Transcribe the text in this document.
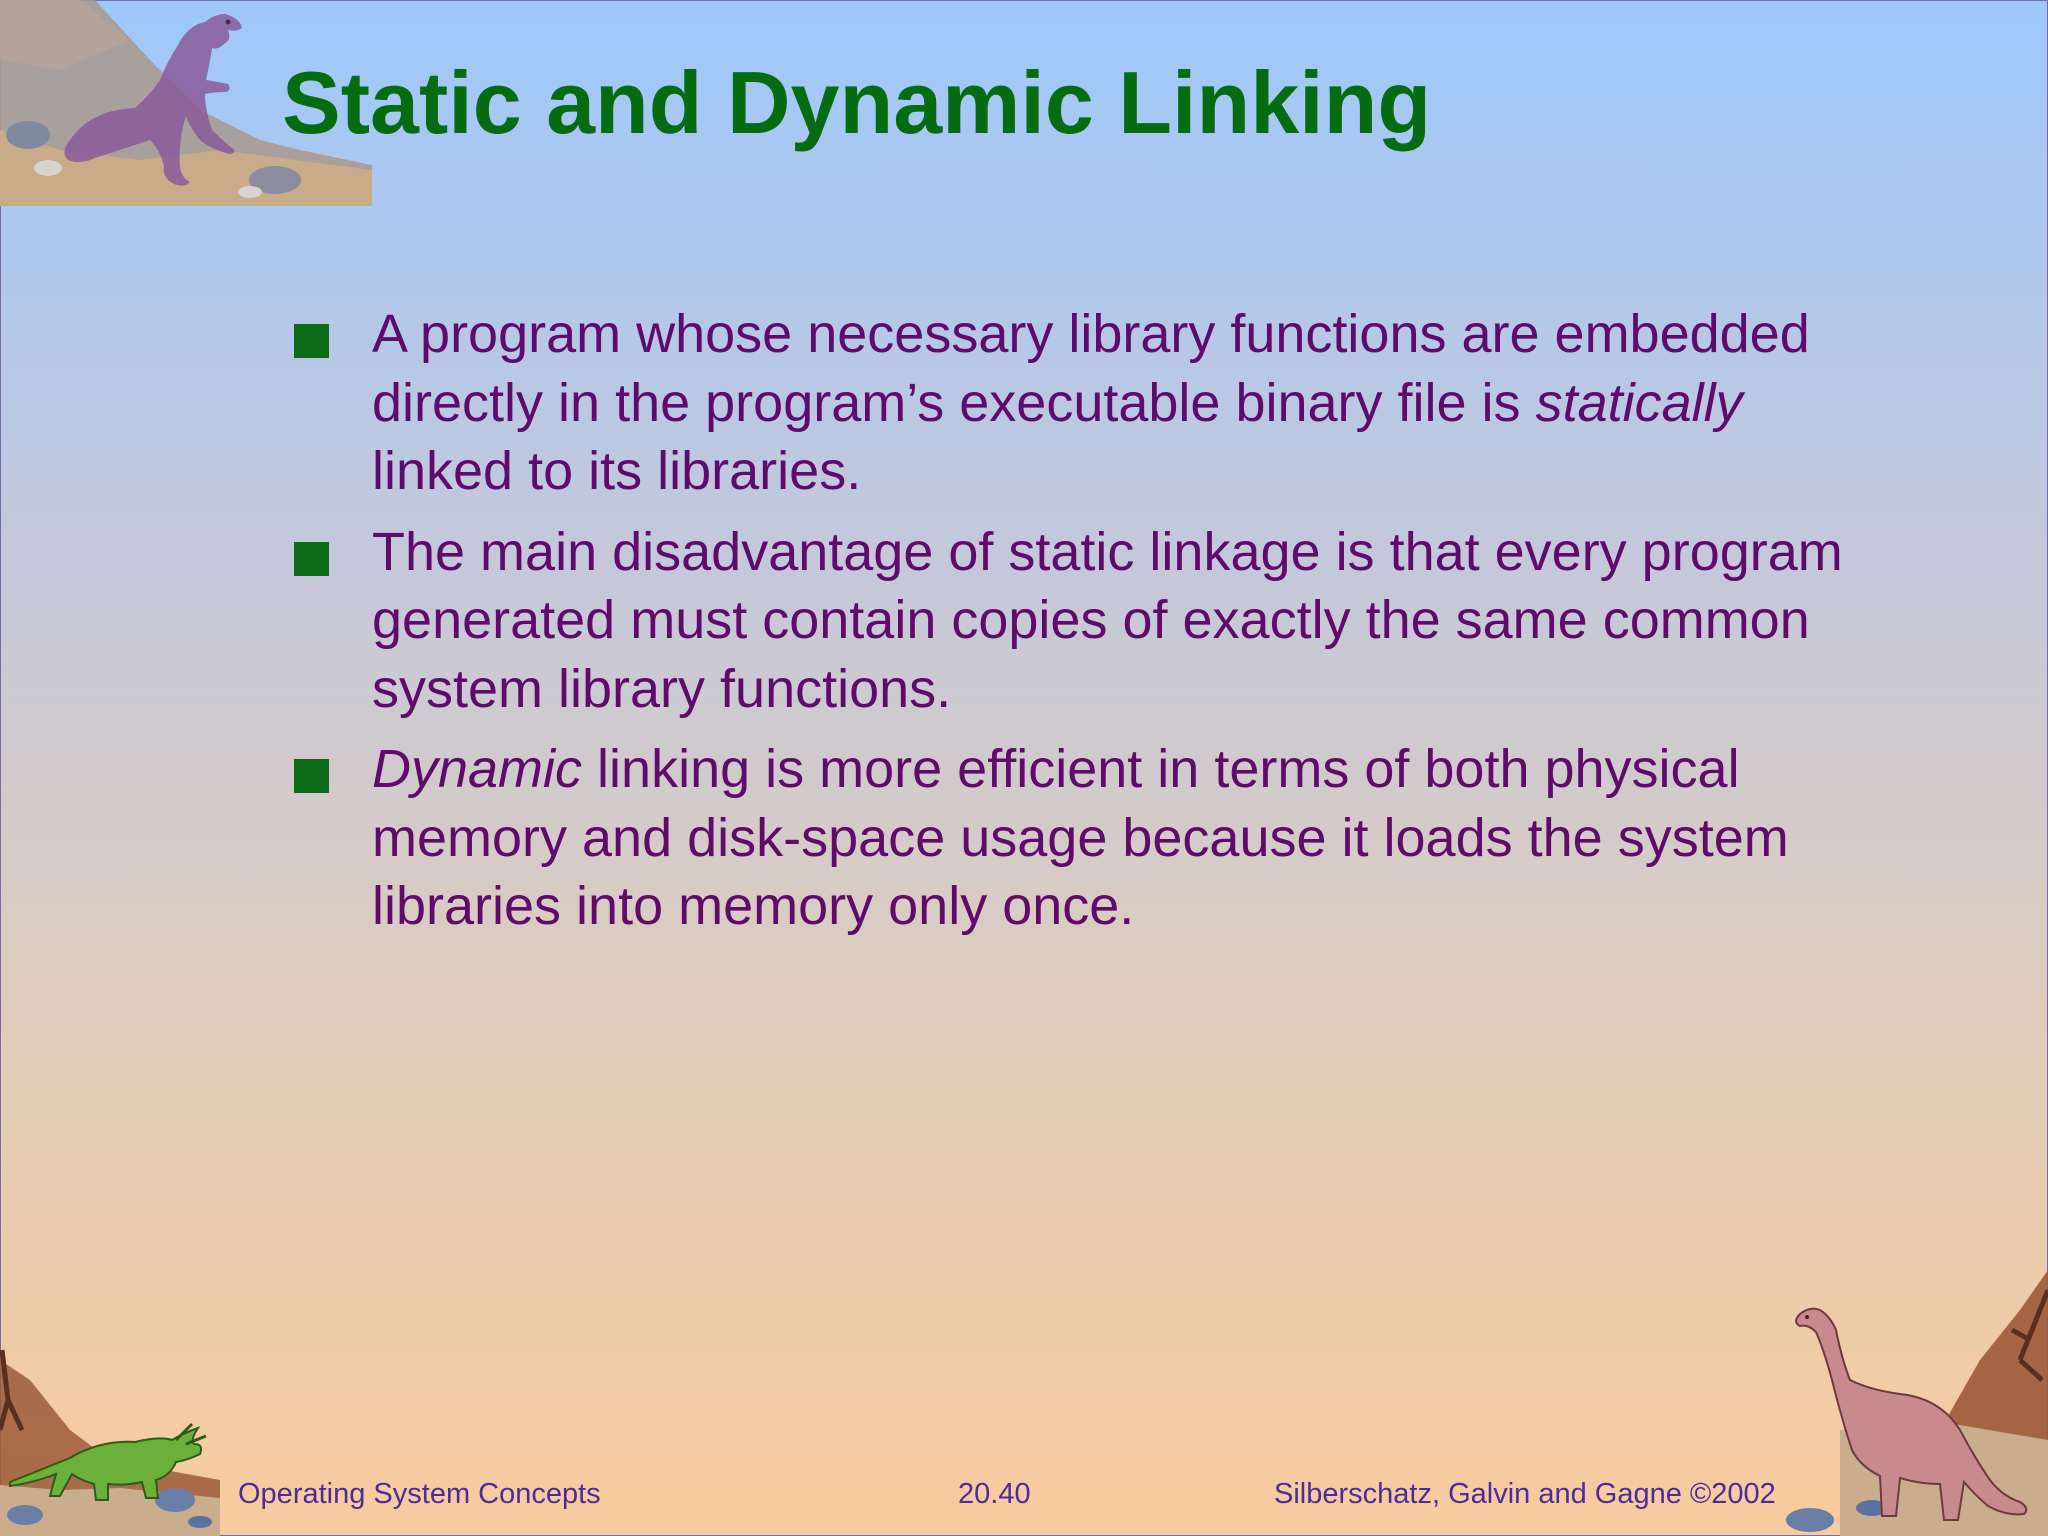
Static and Dynamic Linking
A program whose necessary library functions are embedded directly in the program’s executable binary file is statically linked to its libraries.
The main disadvantage of static linkage is that every program generated must contain copies of exactly the same common system library functions.
Dynamic linking is more efficient in terms of both physical memory and disk-space usage because it loads the system libraries into memory only once.
Operating System Concepts	20.40	Silberschatz, Galvin and Gagne ©2002
